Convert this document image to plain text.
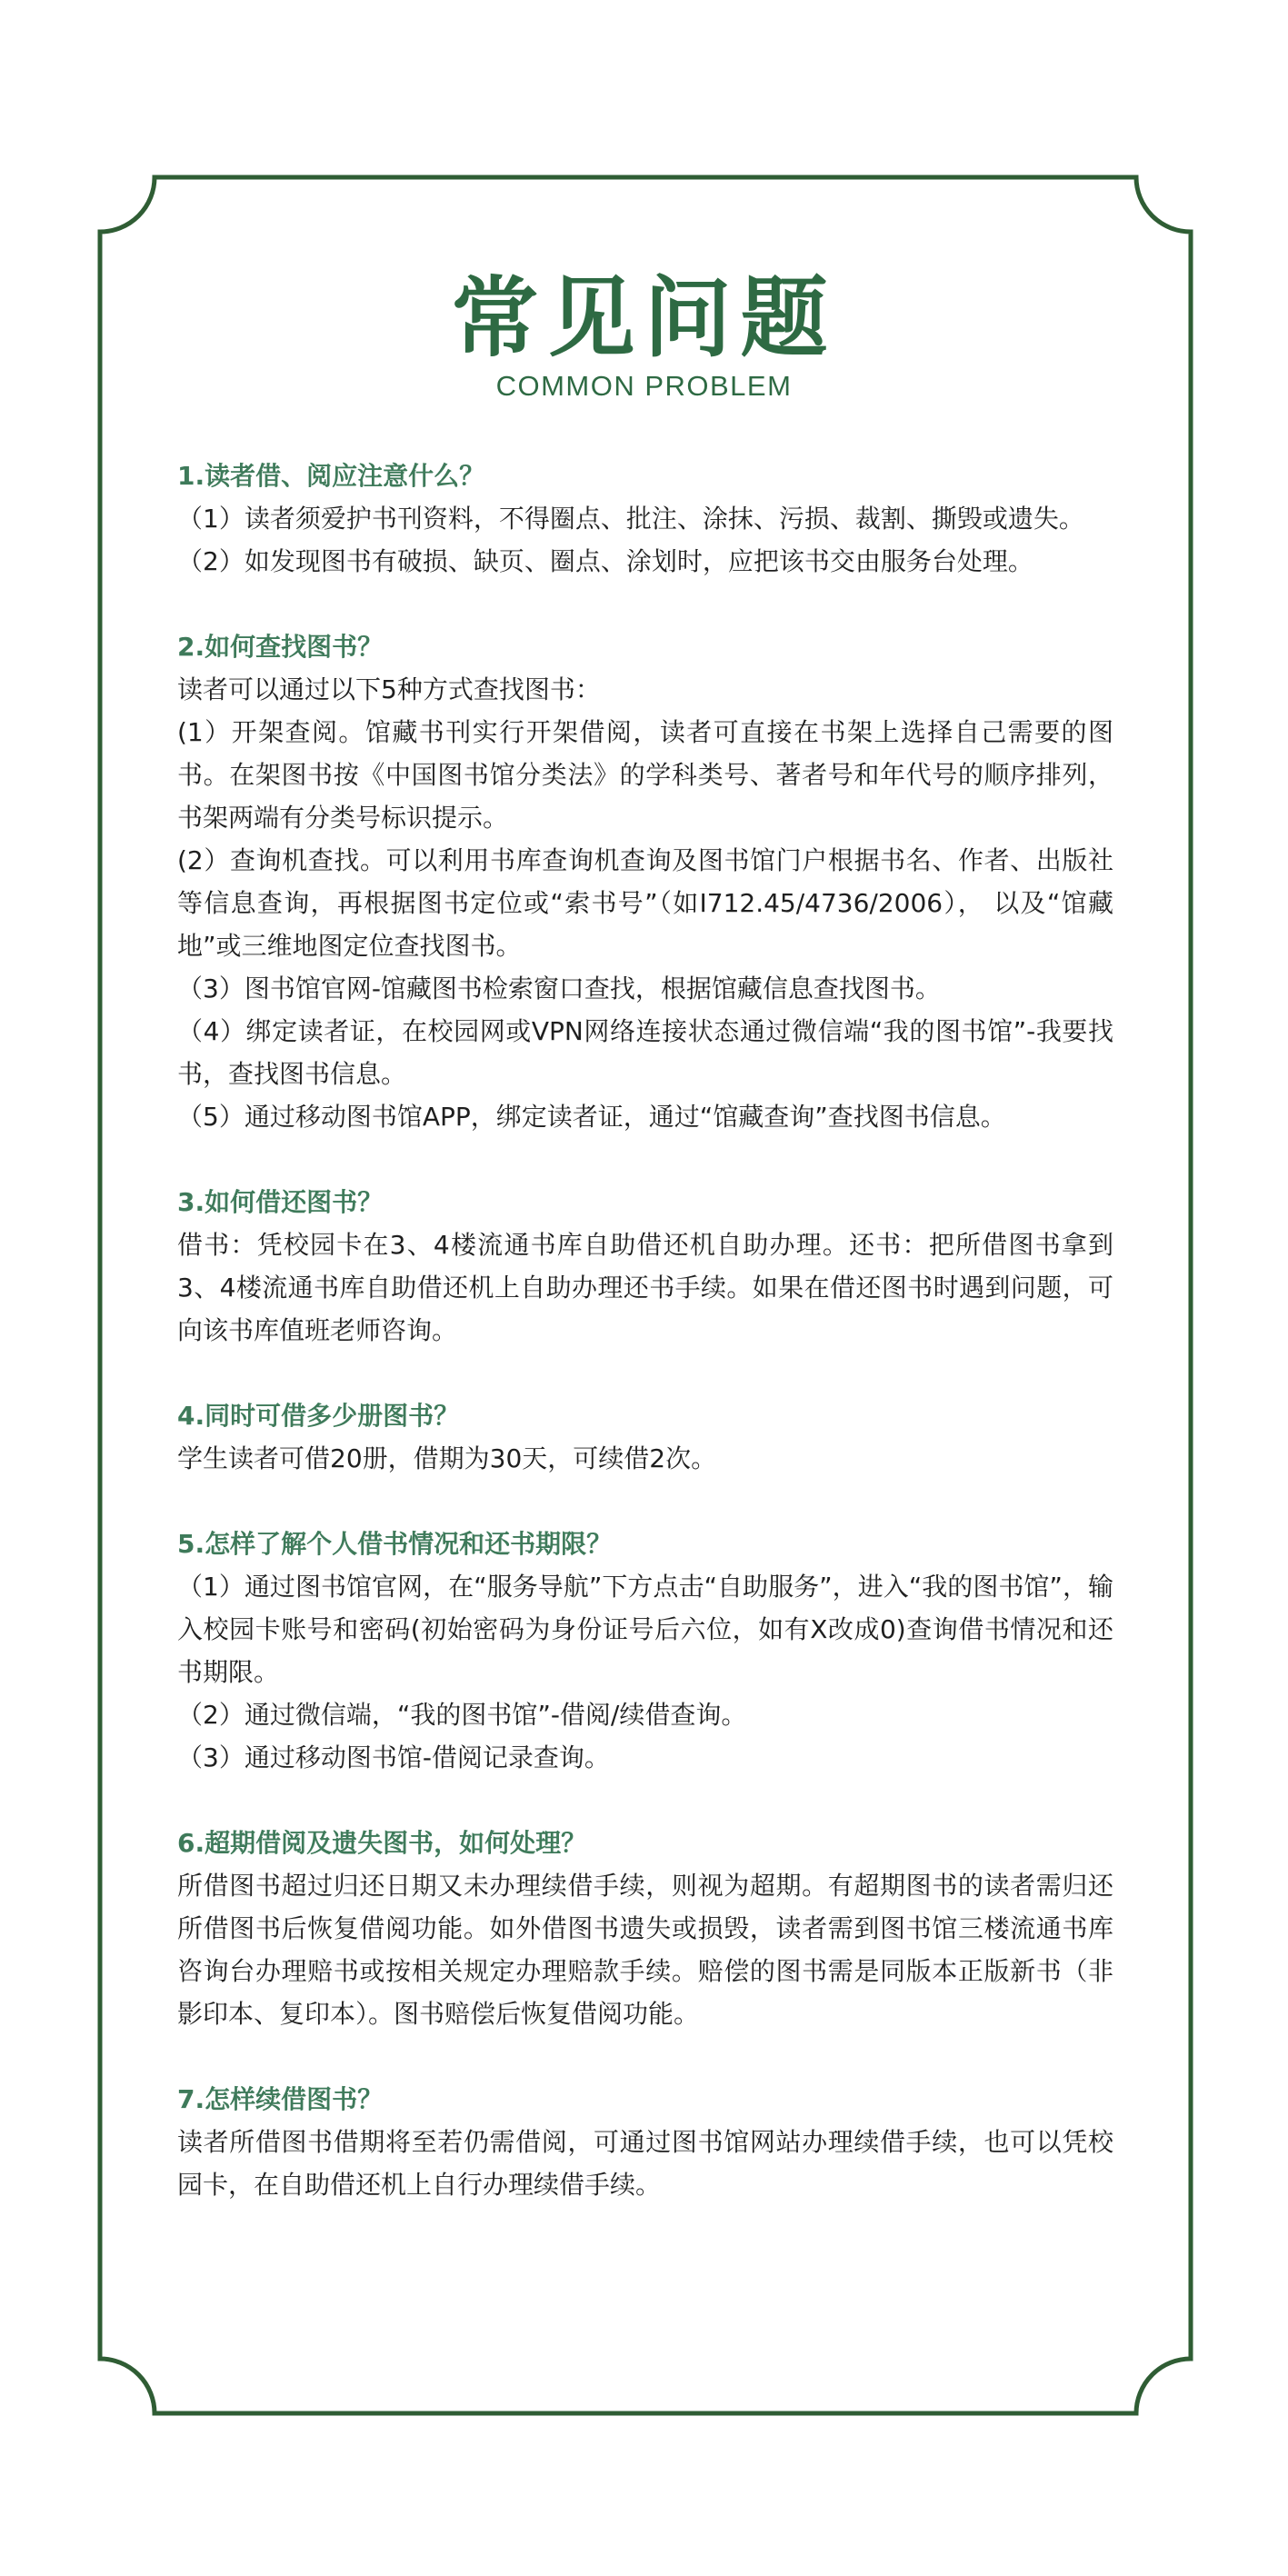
常见问题
COMMON PROBLEM
1.读者借、阅应注意什么？
（1）读者须爱护书刊资料，不得圈点、批注、涂抹、污损、裁割、撕毁或遗失。
（2）如发现图书有破损、缺页、圈点、涂划时，应把该书交由服务台处理。
2.如何查找图书？
读者可以通过以下5种方式查找图书：
(1）开架查阅。馆藏书刊实行开架借阅，读者可直接在书架上选择自己需要的图书。在架图书按《中国图书馆分类法》的学科类号、著者号和年代号的顺序排列，书架两端有分类号标识提示。
(2）查询机查找。可以利用书库查询机查询及图书馆门户根据书名、作者、出版社等信息查询，再根据图书定位或“索书号”（如I712.45/4736/2006）， 以及“馆藏地”或三维地图定位查找图书。
（3）图书馆官网-馆藏图书检索窗口查找，根据馆藏信息查找图书。
（4）绑定读者证，在校园网或VPN网络连接状态通过微信端“我的图书馆”-我要找书，查找图书信息。
（5）通过移动图书馆APP，绑定读者证，通过“馆藏查询”查找图书信息。
3.如何借还图书？
借书：凭校园卡在3、4楼流通书库自助借还机自助办理。还书：把所借图书拿到3、4楼流通书库自助借还机上自助办理还书手续。如果在借还图书时遇到问题，可向该书库值班老师咨询。
4.同时可借多少册图书？
学生读者可借20册，借期为30天，可续借2次。
5.怎样了解个人借书情况和还书期限？
（1）通过图书馆官网，在“服务导航”下方点击“自助服务”，进入“我的图书馆”，输入校园卡账号和密码(初始密码为身份证号后六位，如有X改成0)查询借书情况和还书期限。
（2）通过微信端，“我的图书馆”-借阅/续借查询。
（3）通过移动图书馆-借阅记录查询。
6.超期借阅及遗失图书，如何处理？
所借图书超过归还日期又未办理续借手续，则视为超期。有超期图书的读者需归还所借图书后恢复借阅功能。如外借图书遗失或损毁，读者需到图书馆三楼流通书库咨询台办理赔书或按相关规定办理赔款手续。赔偿的图书需是同版本正版新书（非影印本、复印本）。图书赔偿后恢复借阅功能。
7.怎样续借图书？
读者所借图书借期将至若仍需借阅，可通过图书馆网站办理续借手续，也可以凭校园卡，在自助借还机上自行办理续借手续。
